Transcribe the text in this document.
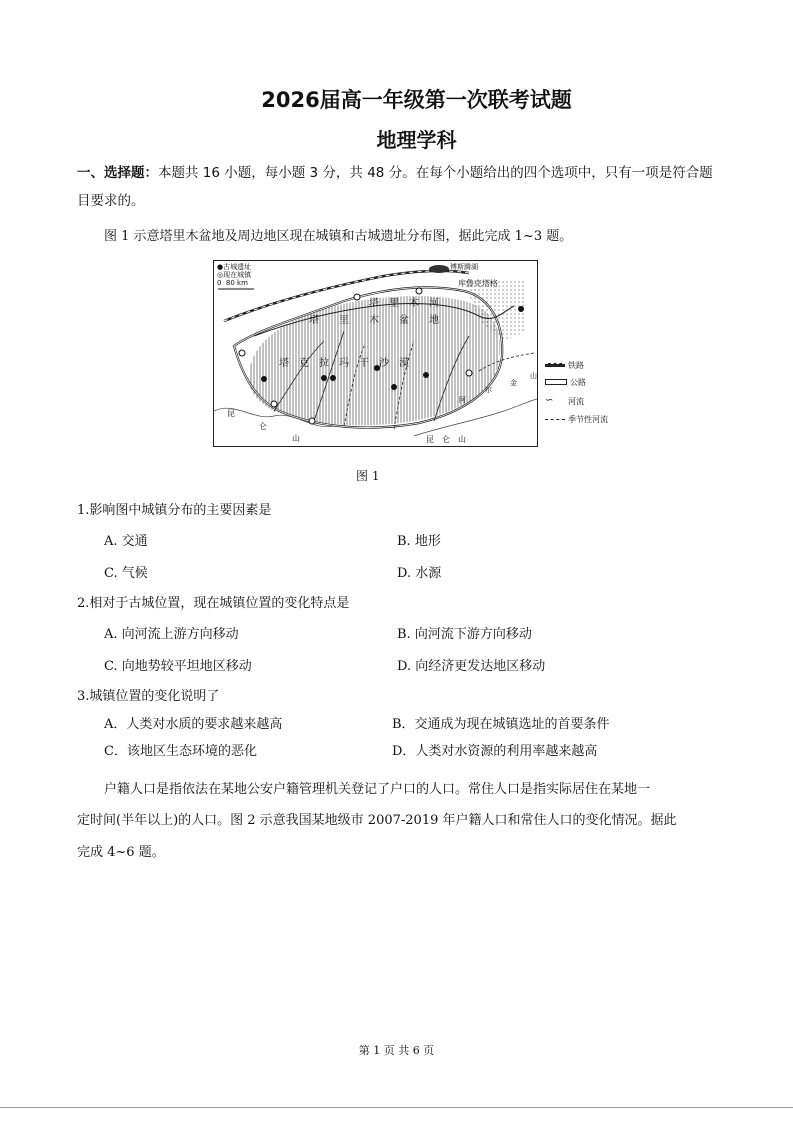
2026届高一年级第一次联考试题
地理学科
一、选择题：本题共 16 小题，每小题 3 分，共 48 分。在每个小题给出的四个选项中，只有一项是符合题
目要求的。
图 1 示意塔里木盆地及周边地区现在城镇和古城遗址分布图，据此完成 1~3 题。
●古城遗址
◎现在城镇
0 80 km
博斯腾湖
库鲁克塔格
塔　里　木　河
塔　　里　　木　　盆　　地
塔　克　拉　玛　干　沙　漠
昆　仑　山
昆
仑
山
阿
尔
金
山
铁路
公路
∽	河流
季节性河流
图 1
1.影响图中城镇分布的主要因素是
A. 交通	B. 地形
C. 气候	D. 水源
2.相对于古城位置，现在城镇位置的变化特点是
A. 向河流上游方向移动	B. 向河流下游方向移动
C. 向地势较平坦地区移动	D. 向经济更发达地区移动
3.城镇位置的变化说明了
A．人类对水质的要求越来越高	B．交通成为现在城镇选址的首要条件
C．该地区生态环境的恶化	D．人类对水资源的利用率越来越高
户籍人口是指依法在某地公安户籍管理机关登记了户口的人口。常住人口是指实际居住在某地一
定时间(半年以上)的人口。图 2 示意我国某地级市 2007-2019 年户籍人口和常住人口的变化情况。据此
完成 4~6 题。
第 1 页 共 6 页
